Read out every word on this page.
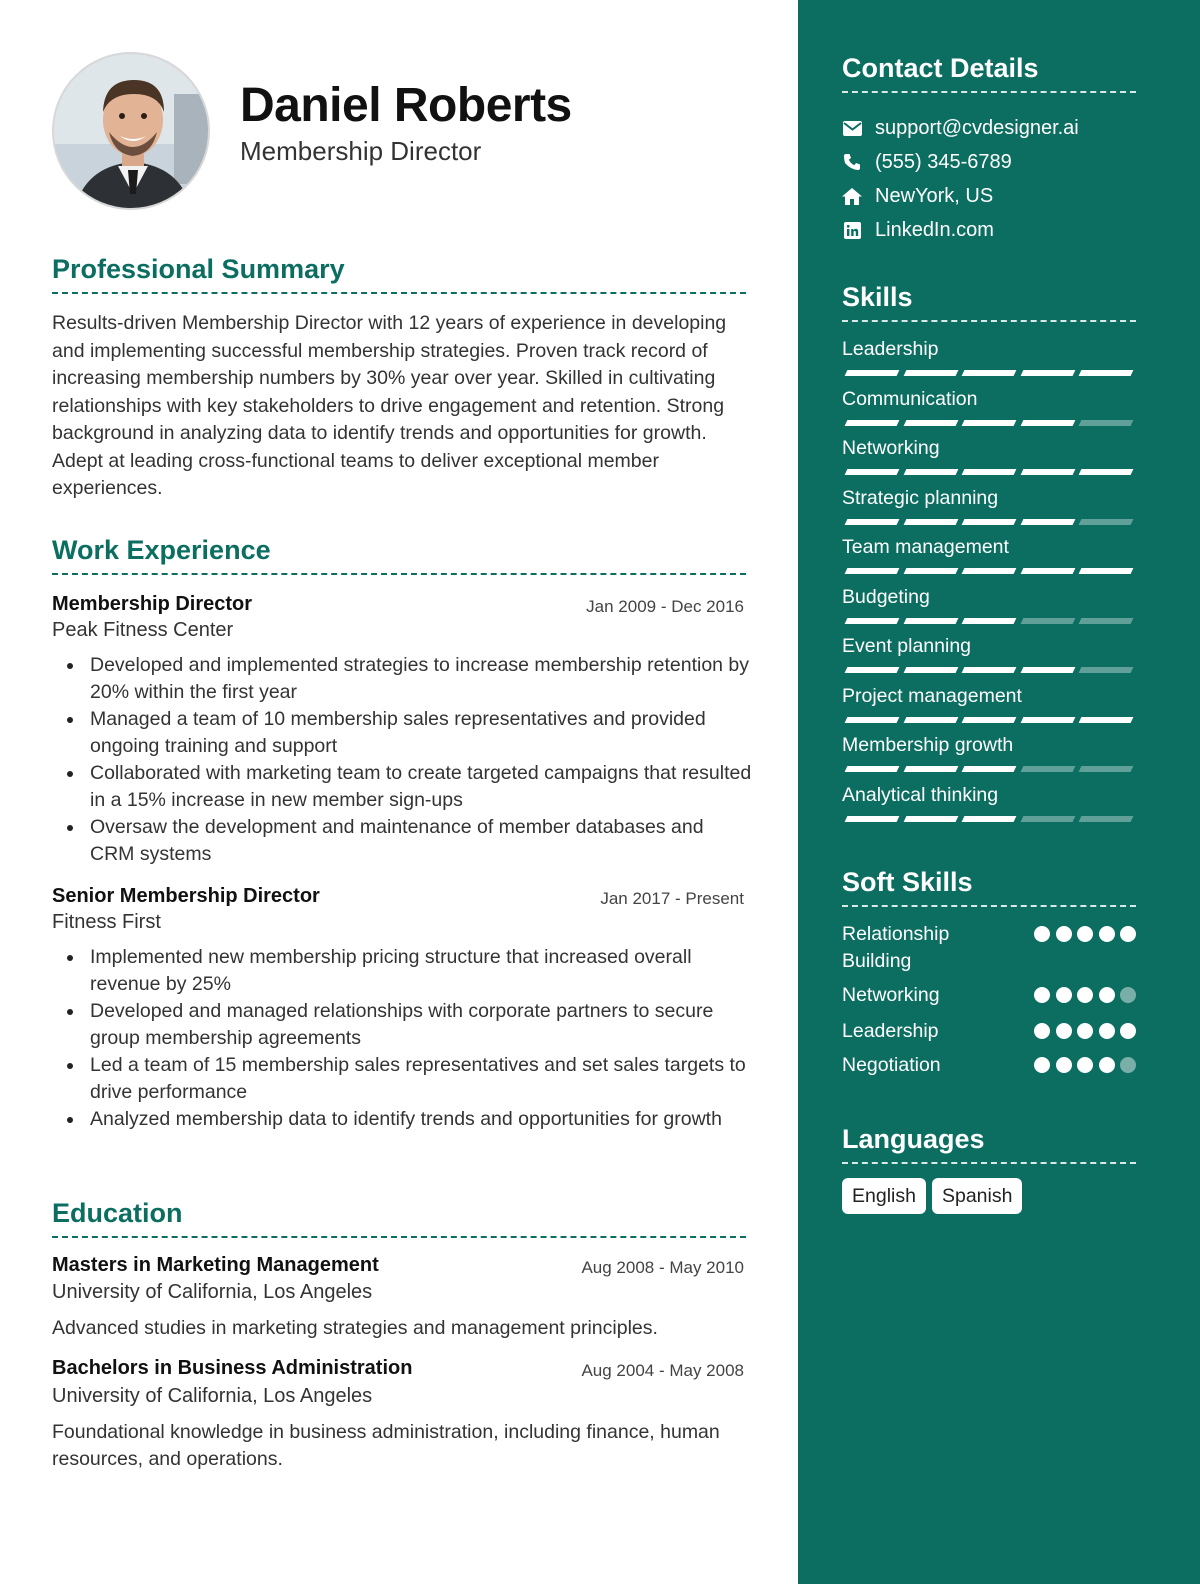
Daniel Roberts
Membership Director
Professional Summary
Results-driven Membership Director with 12 years of experience in developing and implementing successful membership strategies. Proven track record of increasing membership numbers by 30% year over year. Skilled in cultivating relationships with key stakeholders to drive engagement and retention. Strong background in analyzing data to identify trends and opportunities for growth. Adept at leading cross-functional teams to deliver exceptional member experiences.
Work Experience
Membership Director	Jan 2009 - Dec 2016
Peak Fitness Center
Developed and implemented strategies to increase membership retention by 20% within the first year
Managed a team of 10 membership sales representatives and provided ongoing training and support
Collaborated with marketing team to create targeted campaigns that resulted in a 15% increase in new member sign-ups
Oversaw the development and maintenance of member databases and CRM systems
Senior Membership Director	Jan 2017 - Present
Fitness First
Implemented new membership pricing structure that increased overall revenue by 25%
Developed and managed relationships with corporate partners to secure group membership agreements
Led a team of 15 membership sales representatives and set sales targets to drive performance
Analyzed membership data to identify trends and opportunities for growth
Education
Masters in Marketing Management	Aug 2008 - May 2010
University of California, Los Angeles
Advanced studies in marketing strategies and management principles.
Bachelors in Business Administration	Aug 2004 - May 2008
University of California, Los Angeles
Foundational knowledge in business administration, including finance, human resources, and operations.
Contact Details
support@cvdesigner.ai
(555) 345-6789
NewYork, US
LinkedIn.com
Skills
Leadership
Communication
Networking
Strategic planning
Team management
Budgeting
Event planning
Project management
Membership growth
Analytical thinking
Soft Skills
Relationship Building
Networking
Leadership
Negotiation
Languages
English	Spanish
